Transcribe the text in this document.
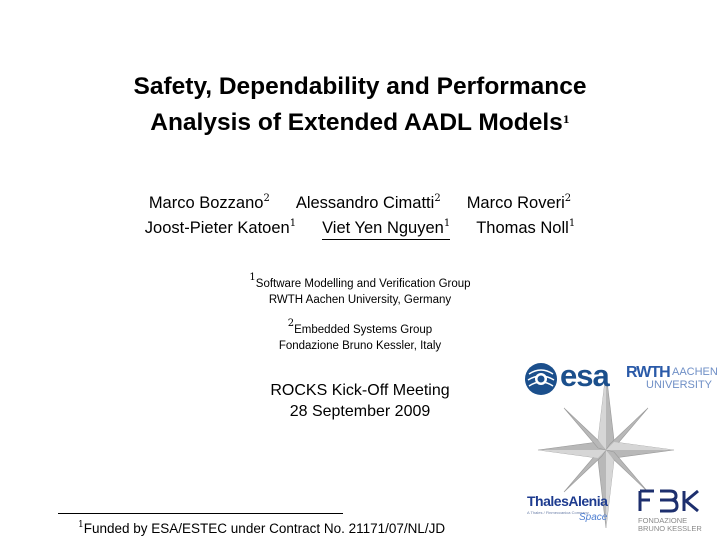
Safety, Dependability and Performance
Analysis of Extended AADL Models$^1$
Marco Bozzano$^2$ Alessandro Cimatti$^2$ Marco Roveri$^2$
Joost-Pieter Katoen$^1$ Viet Yen Nguyen$^1$ Thomas Noll$^1$
$^1$Software Modelling and Verification Group
RWTH Aachen University, Germany
$^2$Embedded Systems Group
Fondazione Bruno Kessler, Italy
ROCKS Kick-Off Meeting
28 September 2009
esa RWTH AACHEN
UNIVERSITY
ThalesAlenia
A Thales / Finmeccanica Company
Space	FONDAZIONE
BRUNO KESSLER
$^1$Funded by ESA/ESTEC under Contract No. 21171/07/NL/JD
